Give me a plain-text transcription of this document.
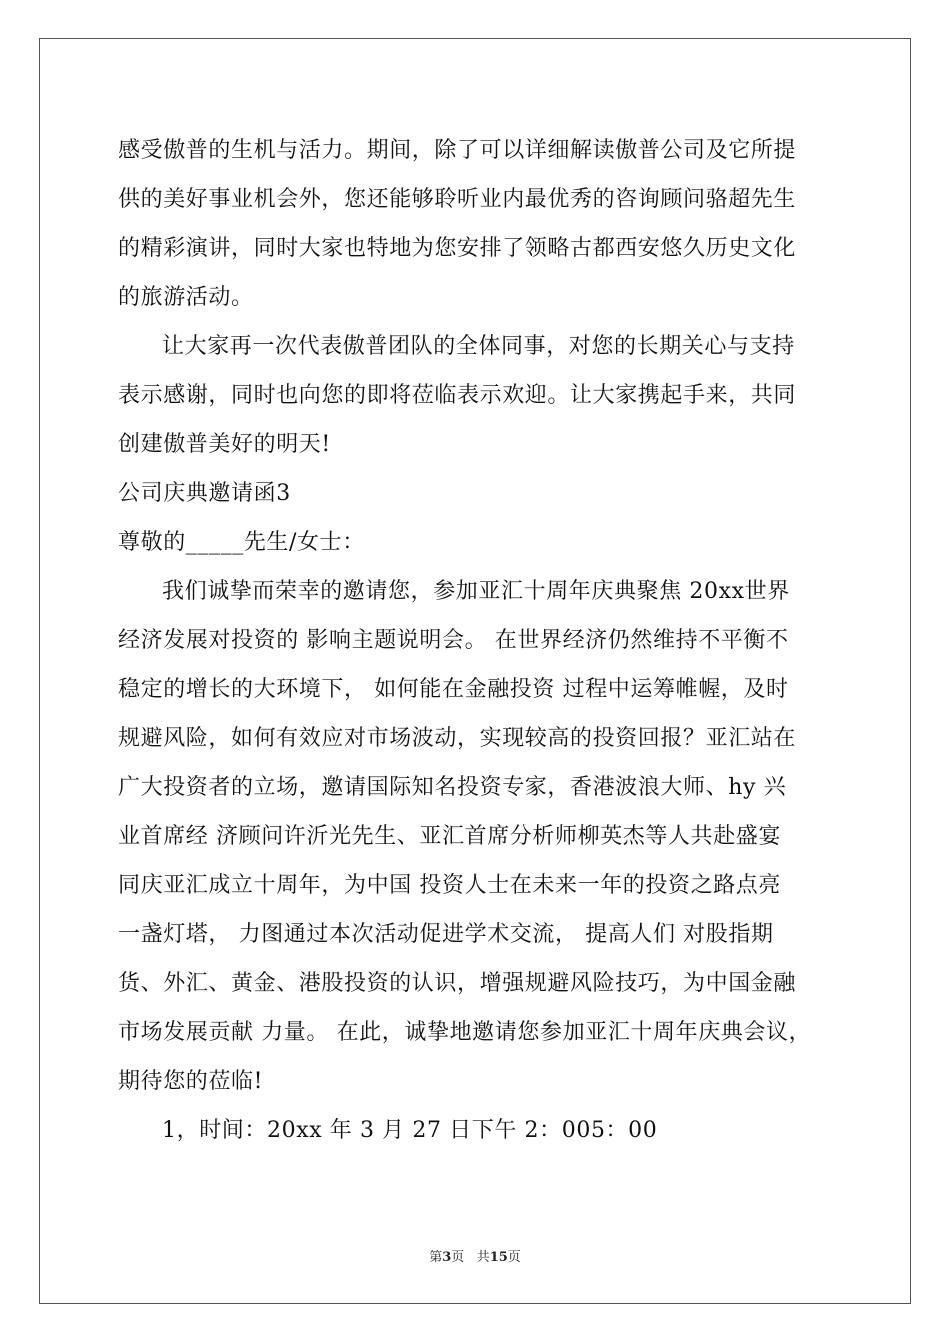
感受傲普的生机与活力。期间，除了可以详细解读傲普公司及它所提
供的美好事业机会外，您还能够聆听业内最优秀的咨询顾问骆超先生
的精彩演讲，同时大家也特地为您安排了领略古都西安悠久历史文化
的旅游活动。
让大家再一次代表傲普团队的全体同事，对您的长期关心与支持
表示感谢，同时也向您的即将莅临表示欢迎。让大家携起手来，共同
创建傲普美好的明天!
公司庆典邀请函3
尊敬的_____先生/女士：
我们诚挚而荣幸的邀请您，参加亚汇十周年庆典聚焦 20xx世界
经济发展对投资的 影响主题说明会。 在世界经济仍然维持不平衡不
稳定的增长的大环境下， 如何能在金融投资 过程中运筹帷幄，及时
规避风险，如何有效应对市场波动，实现较高的投资回报？亚汇站在
广大投资者的立场，邀请国际知名投资专家，香港波浪大师、hy 兴
业首席经 济顾问许沂光先生、亚汇首席分析师柳英杰等人共赴盛宴
同庆亚汇成立十周年，为中国 投资人士在未来一年的投资之路点亮
一盏灯塔， 力图通过本次活动促进学术交流， 提高人们 对股指期
货、外汇、黄金、港股投资的认识，增强规避风险技巧，为中国金融
市场发展贡献 力量。 在此，诚挚地邀请您参加亚汇十周年庆典会议，
期待您的莅临!
1，时间：20xx 年 3 月 27 日下午 2：005：00
第3页 共15页
